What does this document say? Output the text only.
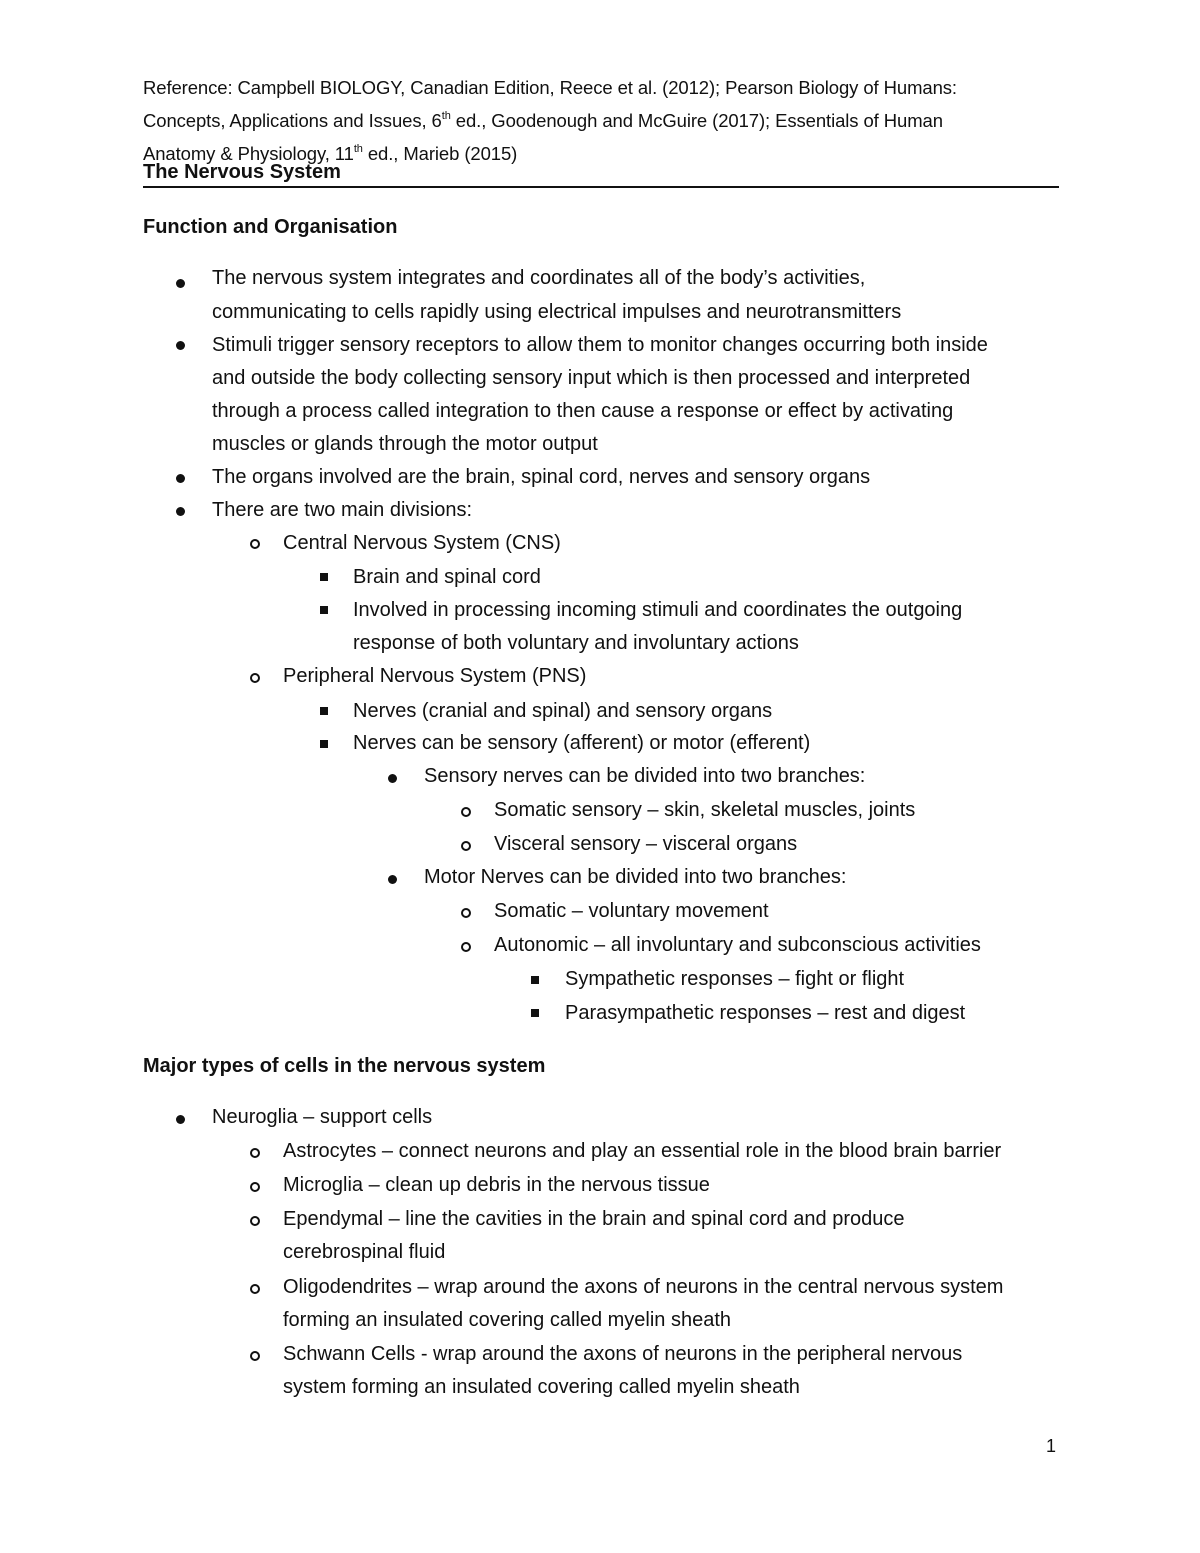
Reference: Campbell BIOLOGY, Canadian Edition, Reece et al. (2012); Pearson Biology of Humans:
Concepts, Applications and Issues, 6th ed., Goodenough and McGuire (2017); Essentials of Human
Anatomy & Physiology, 11th ed., Marieb (2015)
The Nervous System
Function and Organisation
The nervous system integrates and coordinates all of the body’s activities,
communicating to cells rapidly using electrical impulses and neurotransmitters
Stimuli trigger sensory receptors to allow them to monitor changes occurring both inside
and outside the body collecting sensory input which is then processed and interpreted
through a process called integration to then cause a response or effect by activating
muscles or glands through the motor output
The organs involved are the brain, spinal cord, nerves and sensory organs
There are two main divisions:
Central Nervous System (CNS)
Brain and spinal cord
Involved in processing incoming stimuli and coordinates the outgoing
response of both voluntary and involuntary actions
Peripheral Nervous System (PNS)
Nerves (cranial and spinal) and sensory organs
Nerves can be sensory (afferent) or motor (efferent)
Sensory nerves can be divided into two branches:
Somatic sensory – skin, skeletal muscles, joints
Visceral sensory – visceral organs
Motor Nerves can be divided into two branches:
Somatic – voluntary movement
Autonomic – all involuntary and subconscious activities
Sympathetic responses – fight or flight
Parasympathetic responses – rest and digest
Major types of cells in the nervous system
Neuroglia – support cells
Astrocytes – connect neurons and play an essential role in the blood brain barrier
Microglia – clean up debris in the nervous tissue
Ependymal – line the cavities in the brain and spinal cord and produce
cerebrospinal fluid
Oligodendrites – wrap around the axons of neurons in the central nervous system
forming an insulated covering called myelin sheath
Schwann Cells - wrap around the axons of neurons in the peripheral nervous
system forming an insulated covering called myelin sheath
1
